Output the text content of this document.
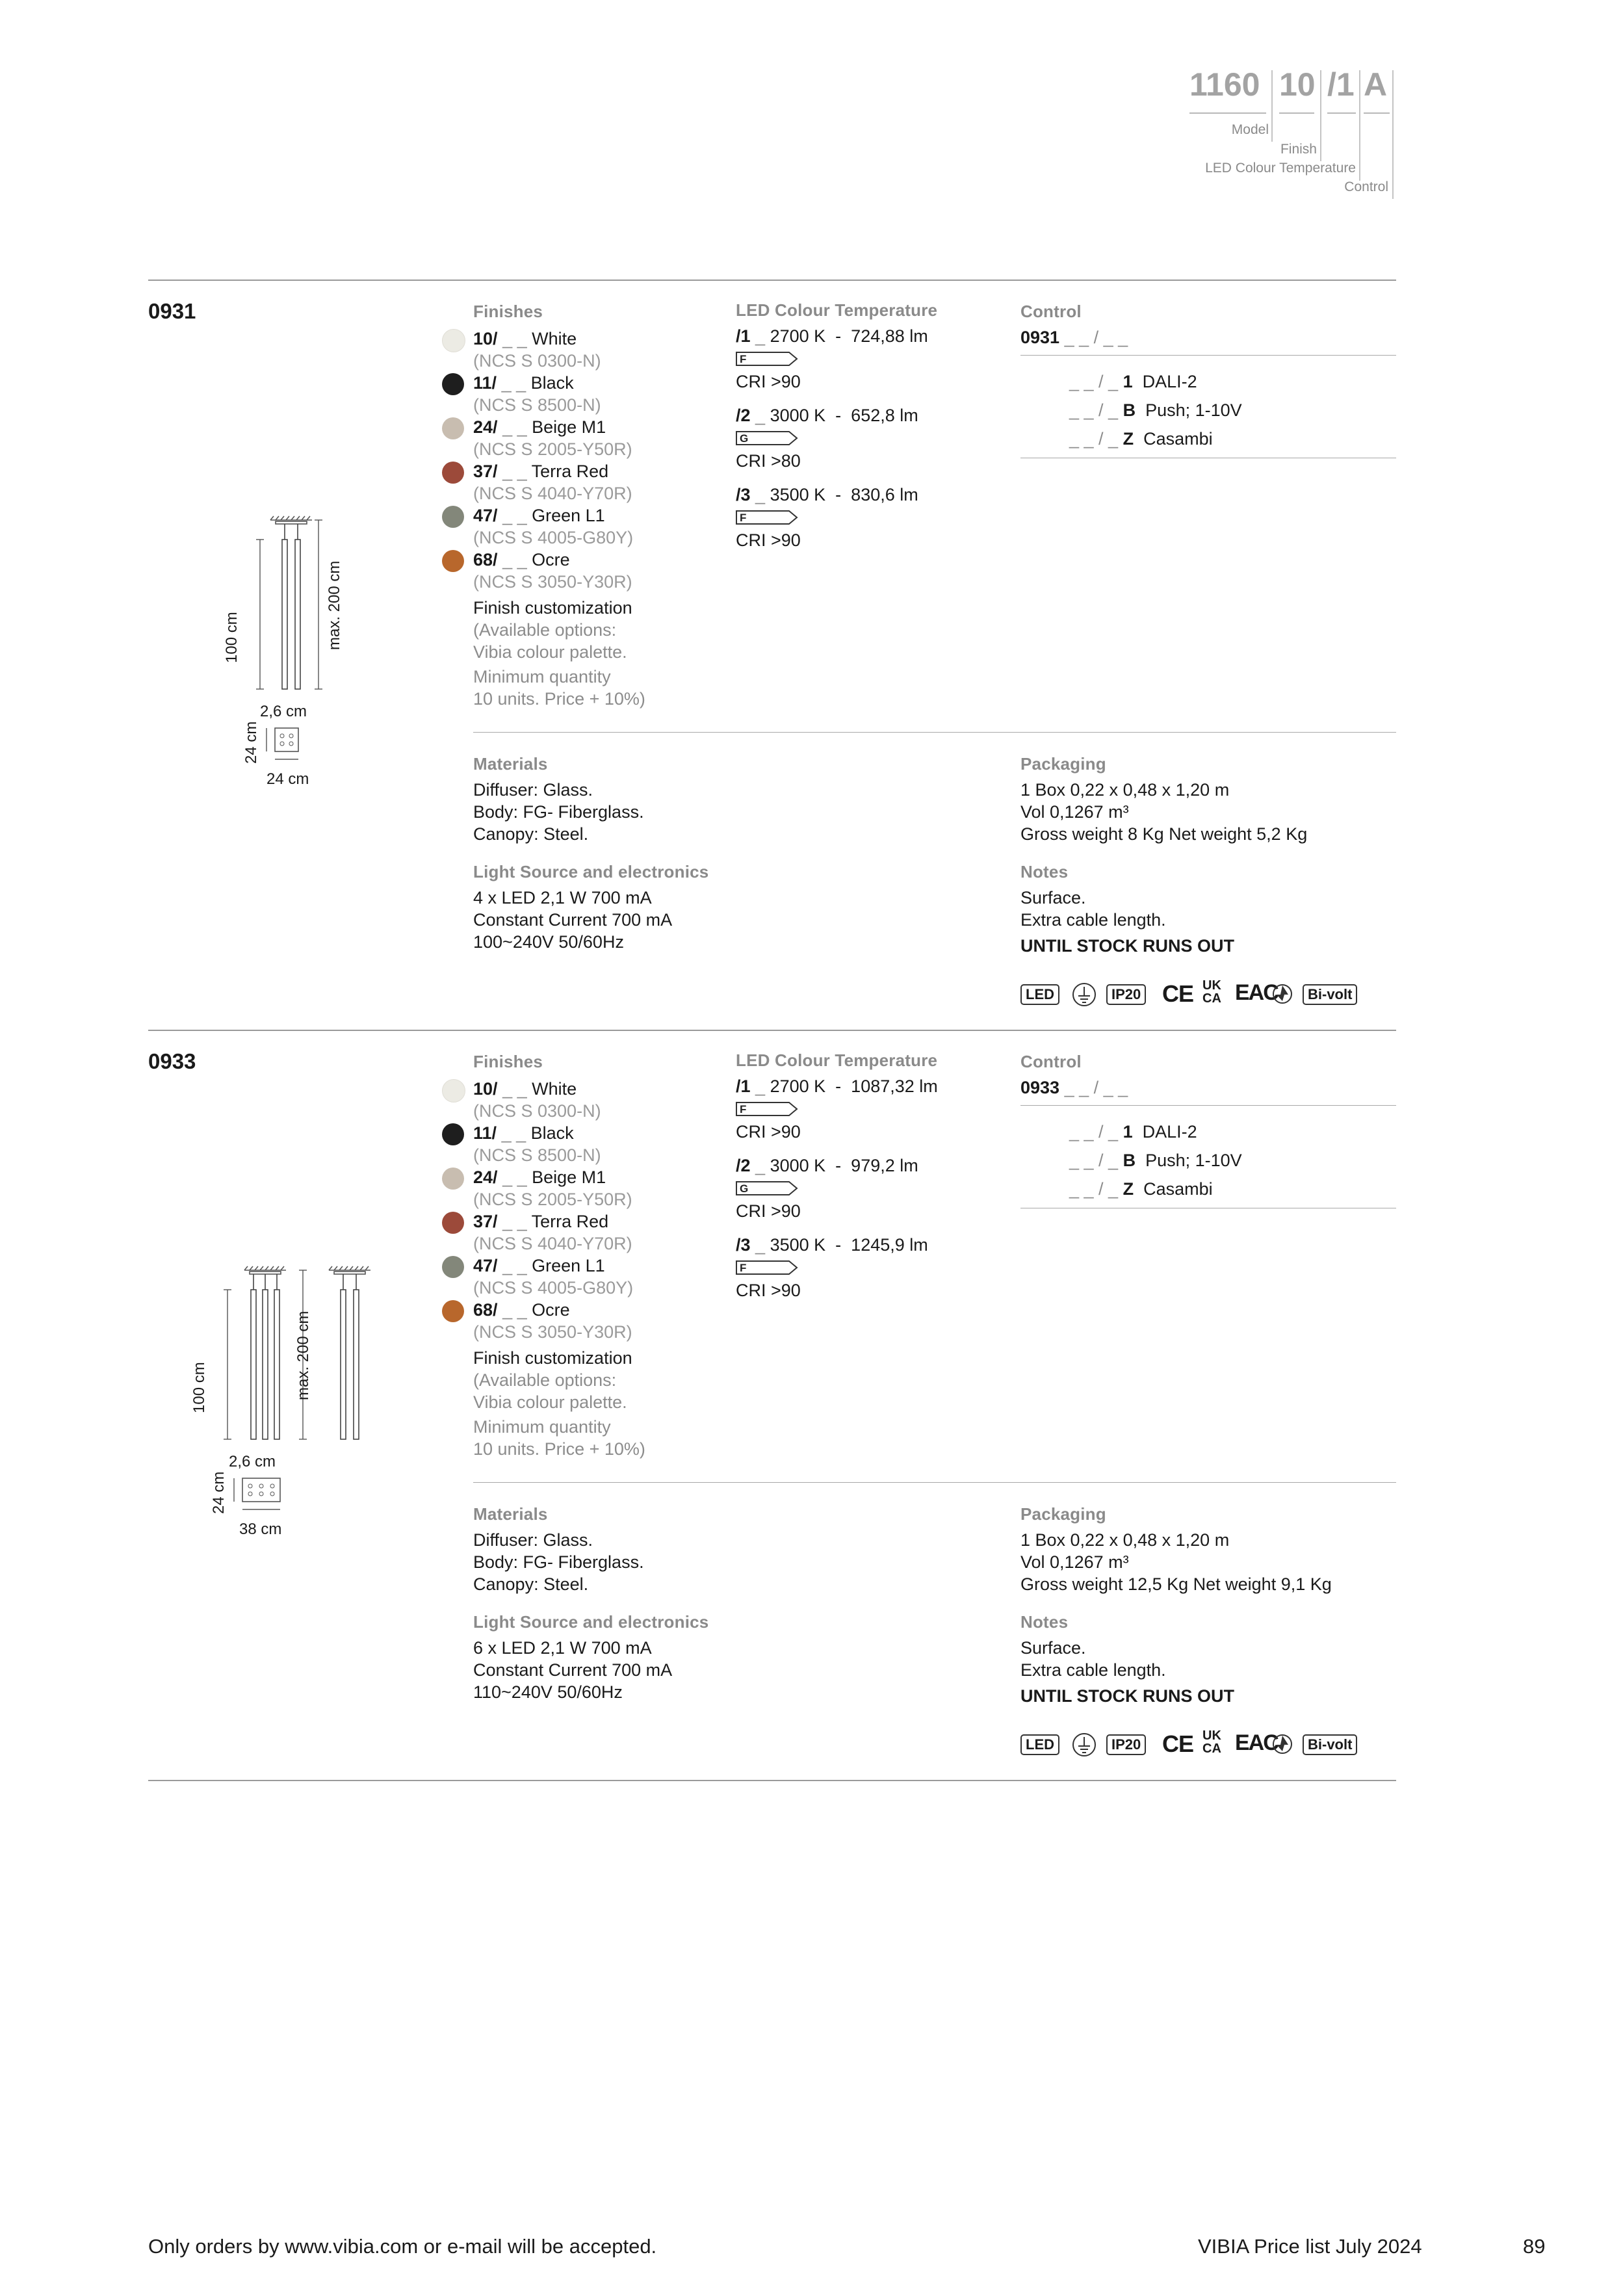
1160 10 /1 A
Model
Finish
LED Colour Temperature
Control
0931
100 cm	max. 200 cm
2,6 cm
24 cm
24 cm
Finishes
10/ _ _ White
(NCS S 0300-N)
11/ _ _ Black
(NCS S 8500-N)
24/ _ _ Beige M1
(NCS S 2005-Y50R)
37/ _ _ Terra Red
(NCS S 4040-Y70R)
47/ _ _ Green L1
(NCS S 4005-G80Y)
68/ _ _ Ocre
(NCS S 3050-Y30R)
Finish customization
(Available options:
Vibia colour palette.
Minimum quantity
10 units. Price + 10%)
LED Colour Temperature
/1 _ 2700 K  -  724,88 lm
F
CRI >90
/2 _ 3000 K  -  652,8 lm
G
CRI >80
/3 _ 3500 K  -  830,6 lm
F
CRI >90
Control
0931 _ _ / _ _
_ _ / _ 1 DALI-2
_ _ / _ B Push; 1-10V
_ _ / _ Z Casambi
Materials
Diffuser: Glass.
Body: FG- Fiberglass.
Canopy: Steel.
Light Source and electronics
4 x LED 2,1 W 700 mA
Constant Current 700 mA
100~240V 50/60Hz
Packaging
1 Box 0,22 x 0,48 x 1,20 m
Vol 0,1267 m³
Gross weight 8 Kg Net weight 5,2 Kg
Notes
Surface.
Extra cable length.
UNTIL STOCK RUNS OUT
LED	IP20 CE UK
CA EAC	Bi-volt
0933
100 cm	max. 200 cm
2,6 cm
24 cm
38 cm
Finishes
10/ _ _ White
(NCS S 0300-N)
11/ _ _ Black
(NCS S 8500-N)
24/ _ _ Beige M1
(NCS S 2005-Y50R)
37/ _ _ Terra Red
(NCS S 4040-Y70R)
47/ _ _ Green L1
(NCS S 4005-G80Y)
68/ _ _ Ocre
(NCS S 3050-Y30R)
Finish customization
(Available options:
Vibia colour palette.
Minimum quantity
10 units. Price + 10%)
LED Colour Temperature
/1 _ 2700 K  -  1087,32 lm
F
CRI >90
/2 _ 3000 K  -  979,2 lm
G
CRI >90
/3 _ 3500 K  -  1245,9 lm
F
CRI >90
Control
0933 _ _ / _ _
_ _ / _ 1 DALI-2
_ _ / _ B Push; 1-10V
_ _ / _ Z Casambi
Materials
Diffuser: Glass.
Body: FG- Fiberglass.
Canopy: Steel.
Light Source and electronics
6 x LED 2,1 W 700 mA
Constant Current 700 mA
110~240V 50/60Hz
Packaging
1 Box 0,22 x 0,48 x 1,20 m
Vol 0,1267 m³
Gross weight 12,5 Kg Net weight 9,1 Kg
Notes
Surface.
Extra cable length.
UNTIL STOCK RUNS OUT
LED	IP20 CE UK
CA EAC	Bi-volt
Only orders by www.vibia.com or e-mail will be accepted.	VIBIA Price list July 2024	89
